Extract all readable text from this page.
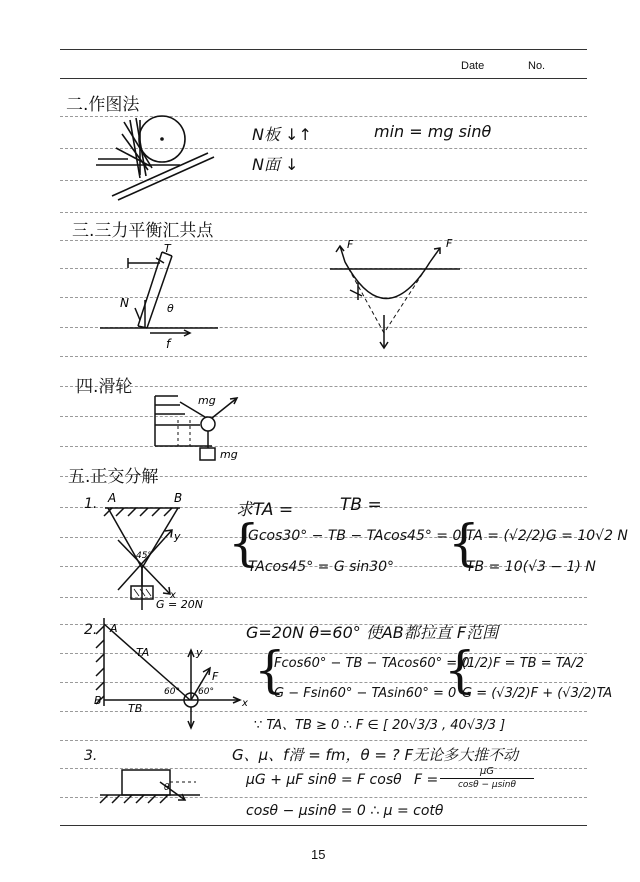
Date	No.
二.作图法
N板 ↓↑	min = mg sinθ
N面 ↓
三.三力平衡汇共点
T
N	θ
f
F	F
四.滑轮
mg
mg
五.正交分解
1. A	B
y
x
45°
G = 20N
求TA =	TB =
{
Gcos30° − TB − TAcos45° = 0
TAcos45° = G sin30° {
TA = (√2/2)G = 10√2 N
TB = 10(√3 − 1) N
2. A
B
TA
TB
F
y
x
60° 60°
G=20N θ=60° 使AB都拉直 F范围
{
Fcos60° − TB − TAcos60° = 0
G − Fsin60° − TAsin60° = 0
{
(1/2)F = TB = TA/2
G = (√3/2)F + (√3/2)TA
∵ TA、TB ≥ 0 ∴ F ∈ [ 20√3/3 , 40√3/3 ]
3.
θ
G、μ、f滑 = fm，θ = ? F无论多大推不动
μG + μF sinθ = F cosθ F =
μG
cosθ − μsinθ
cosθ − μsinθ = 0 ∴ μ = cotθ
15
